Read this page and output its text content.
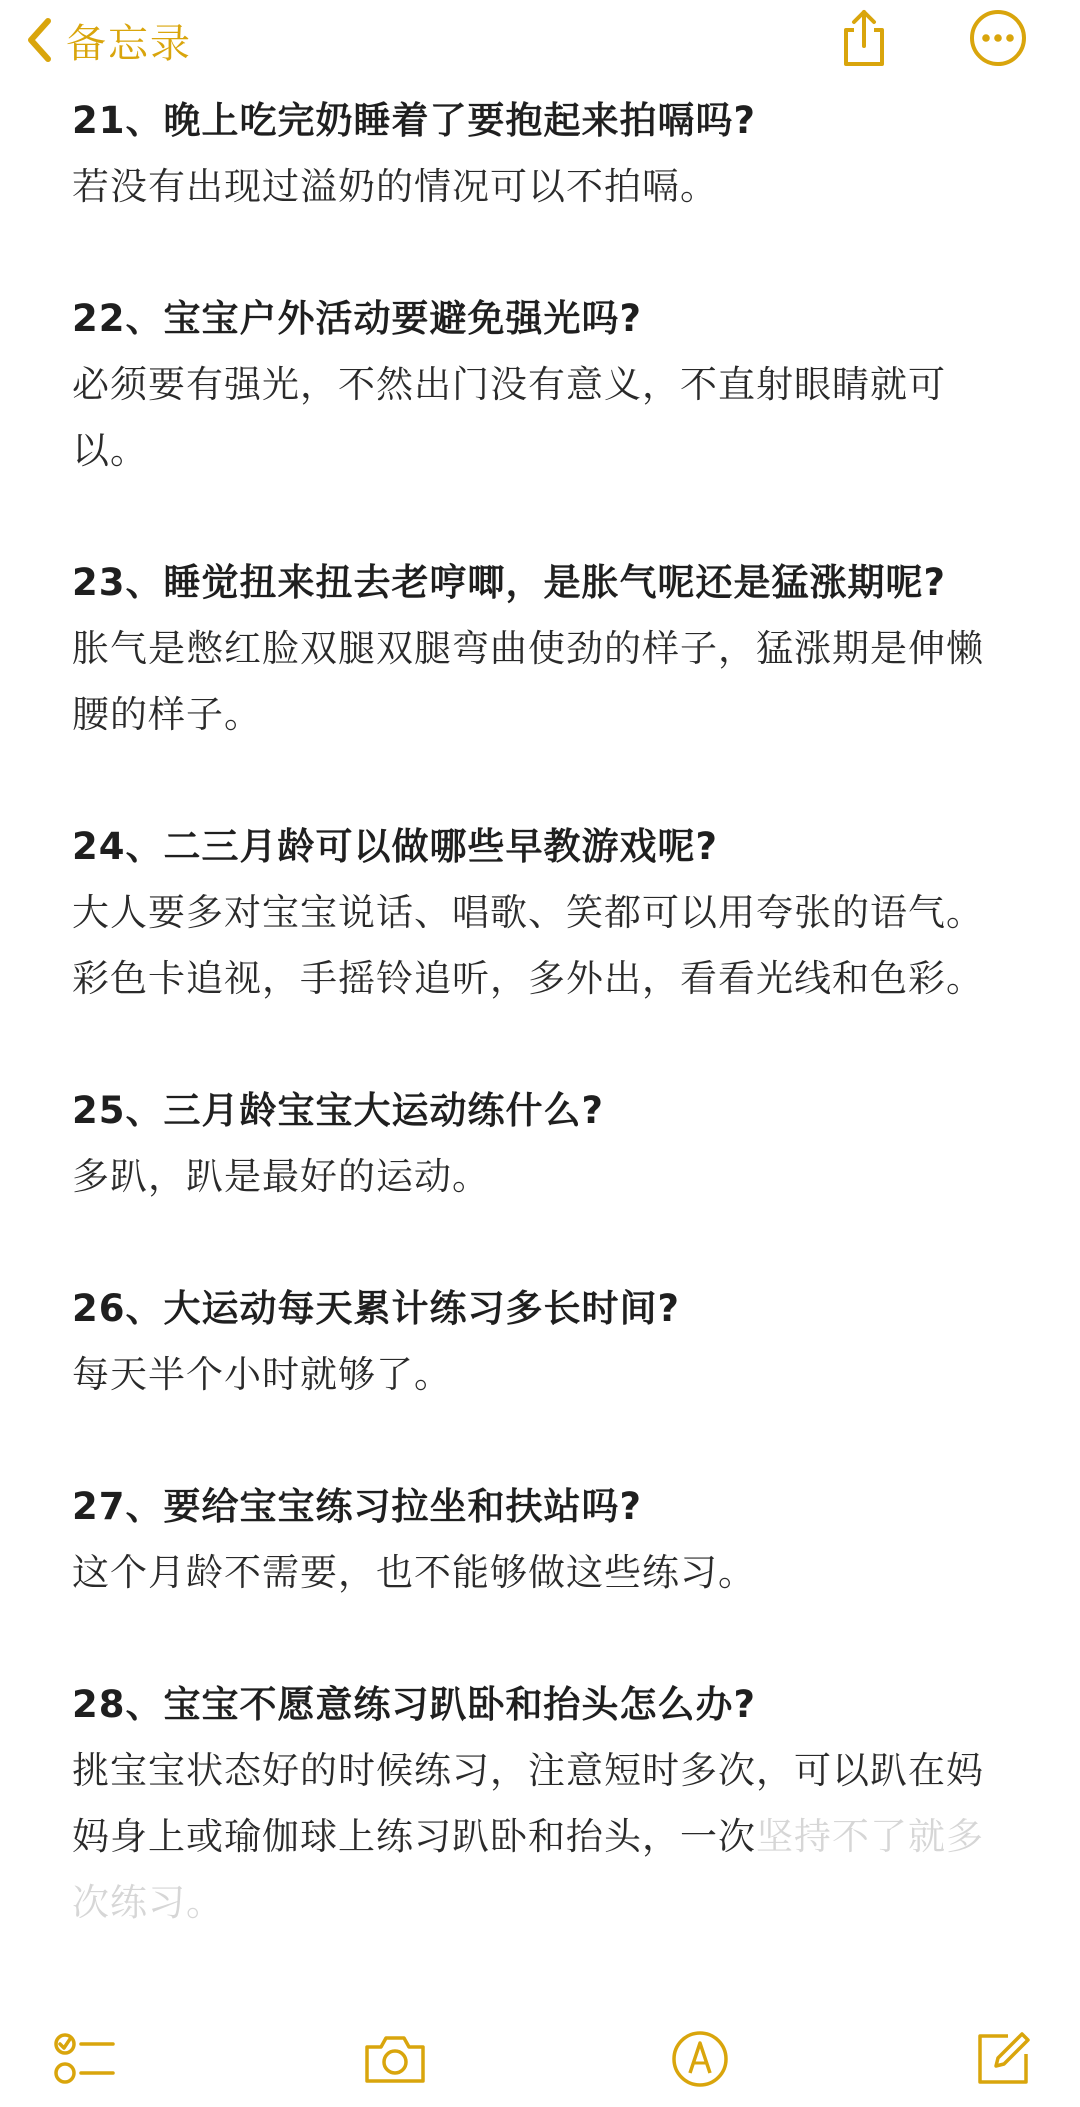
备忘录

21、晚上吃完奶睡着了要抱起来拍嗝吗?

若没有出现过溢奶的情况可以不拍嗝。

22、宝宝户外活动要避免强光吗?

必须要有强光，不然出门没有意义，不直射眼睛就可以。

23、睡觉扭来扭去老哼唧，是胀气呢还是猛涨期呢?

胀气是憋红脸双腿双腿弯曲使劲的样子，猛涨期是伸懒腰的样子。

24、二三月龄可以做哪些早教游戏呢?

大人要多对宝宝说话、唱歌、笑都可以用夸张的语气。彩色卡追视，手摇铃追听，多外出，看看光线和色彩。

25、三月龄宝宝大运动练什么?

多趴，趴是最好的运动。

26、大运动每天累计练习多长时间?

每天半个小时就够了。

27、要给宝宝练习拉坐和扶站吗?

这个月龄不需要，也不能够做这些练习。

28、宝宝不愿意练习趴卧和抬头怎么办?

挑宝宝状态好的时候练习，注意短时多次，可以趴在妈妈身上或瑜伽球上练习趴卧和抬头，一次坚持不了就多次练习。
